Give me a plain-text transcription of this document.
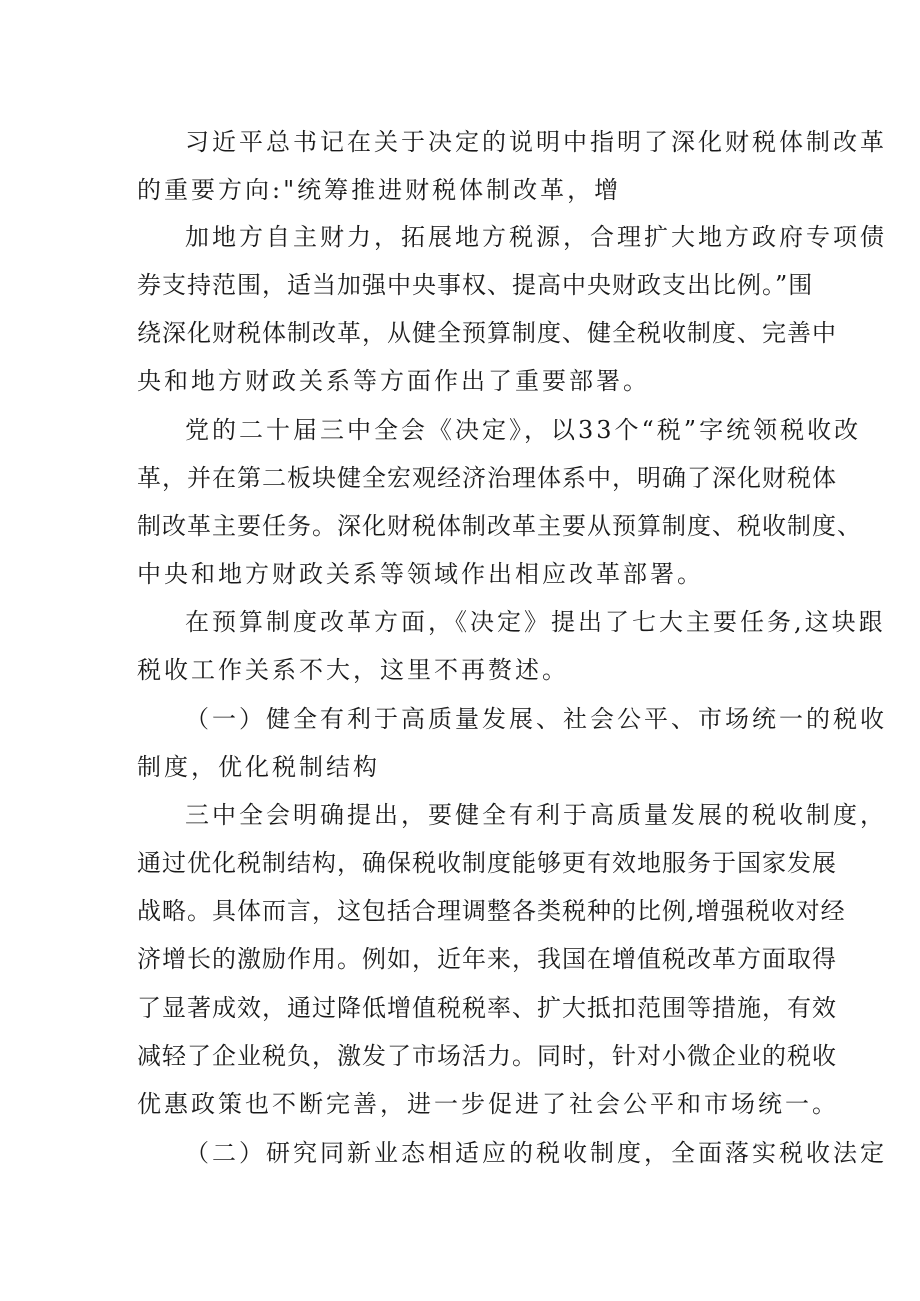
习近平总书记在关于决定的说明中指明了深化财税体制改革
的重要方向:"统筹推进财税体制改革，增
加地方自主财力，拓展地方税源，合理扩大地方政府专项债
券支持范围，适当加强中央事权、提高中央财政支出比例。”围
绕深化财税体制改革，从健全预算制度、健全税收制度、完善中
央和地方财政关系等方面作出了重要部署。
党的二十届三中全会《决定》，以33个“税”字统领税收改
革，并在第二板块健全宏观经济治理体系中，明确了深化财税体
制改革主要任务。深化财税体制改革主要从预算制度、税收制度、
中央和地方财政关系等领域作出相应改革部署。
在预算制度改革方面，《决定》提出了七大主要任务,这块跟
税收工作关系不大，这里不再赘述。
（一）健全有利于高质量发展、社会公平、市场统一的税收
制度，优化税制结构
三中全会明确提出，要健全有利于高质量发展的税收制度，
通过优化税制结构，确保税收制度能够更有效地服务于国家发展
战略。具体而言，这包括合理调整各类税种的比例,增强税收对经
济增长的激励作用。例如，近年来，我国在增值税改革方面取得
了显著成效，通过降低增值税税率、扩大抵扣范围等措施，有效
减轻了企业税负，激发了市场活力。同时，针对小微企业的税收
优惠政策也不断完善，进一步促进了社会公平和市场统一。
（二）研究同新业态相适应的税收制度，全面落实税收法定
